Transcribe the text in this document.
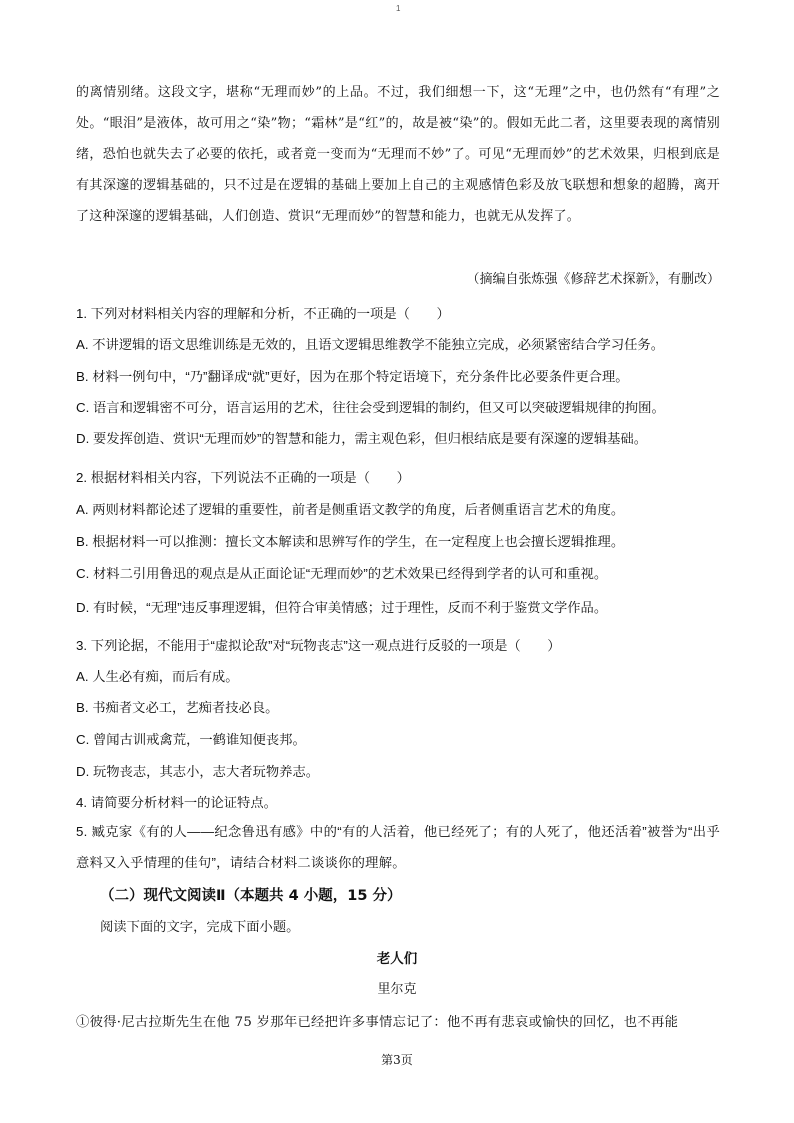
1
的离情别绪。这段文字，堪称“无理而妙”的上品。不过，我们细想一下，这“无理”之中，也仍然有“有理”之处。“眼泪”是液体，故可用之“染”物；“霜林”是“红”的，故是被“染”的。假如无此二者，这里要表现的离情别绪，恐怕也就失去了必要的依托，或者竟一变而为“无理而不妙”了。可见“无理而妙”的艺术效果，归根到底是有其深邃的逻辑基础的，只不过是在逻辑的基础上要加上自己的主观感情色彩及放飞联想和想象的超腾，离开了这种深邃的逻辑基础，人们创造、赏识“无理而妙”的智慧和能力，也就无从发挥了。
（摘编自张炼强《修辞艺术探新》，有删改）
1. 下列对材料相关内容的理解和分析，不正确的一项是（　　）
A. 不讲逻辑的语文思维训练是无效的，且语文逻辑思维教学不能独立完成，必须紧密结合学习任务。
B. 材料一例句中，“乃”翻译成“就”更好，因为在那个特定语境下，充分条件比必要条件更合理。
C. 语言和逻辑密不可分，语言运用的艺术，往往会受到逻辑的制约，但又可以突破逻辑规律的拘囿。
D. 要发挥创造、赏识“无理而妙”的智慧和能力，需主观色彩，但归根结底是要有深邃的逻辑基础。
2. 根据材料相关内容，下列说法不正确的一项是（　　）
A. 两则材料都论述了逻辑的重要性，前者是侧重语文教学的角度，后者侧重语言艺术的角度。
B. 根据材料一可以推测：擅长文本解读和思辨写作的学生，在一定程度上也会擅长逻辑推理。
C. 材料二引用鲁迅的观点是从正面论证“无理而妙”的艺术效果已经得到学者的认可和重视。
D. 有时候，“无理”违反事理逻辑，但符合审美情感；过于理性，反而不利于鉴赏文学作品。
3. 下列论据，不能用于“虚拟论敌”对“玩物丧志”这一观点进行反驳的一项是（　　）
A. 人生必有痴，而后有成。
B. 书痴者文必工，艺痴者技必良。
C. 曾闻古训戒禽荒，一鹤谁知便丧邦。
D. 玩物丧志，其志小，志大者玩物养志。
4. 请简要分析材料一的论证特点。
5. 臧克家《有的人——纪念鲁迅有感》中的“有的人活着，他已经死了；有的人死了，他还活着”被誉为“出乎意料又入乎情理的佳句”，请结合材料二谈谈你的理解。
（二）现代文阅读Ⅱ（本题共 4 小题，15 分）
阅读下面的文字，完成下面小题。
老人们
里尔克
①彼得·尼古拉斯先生在他 75 岁那年已经把许多事情忘记了：他不再有悲哀或愉快的回忆，也不再能
第3页
